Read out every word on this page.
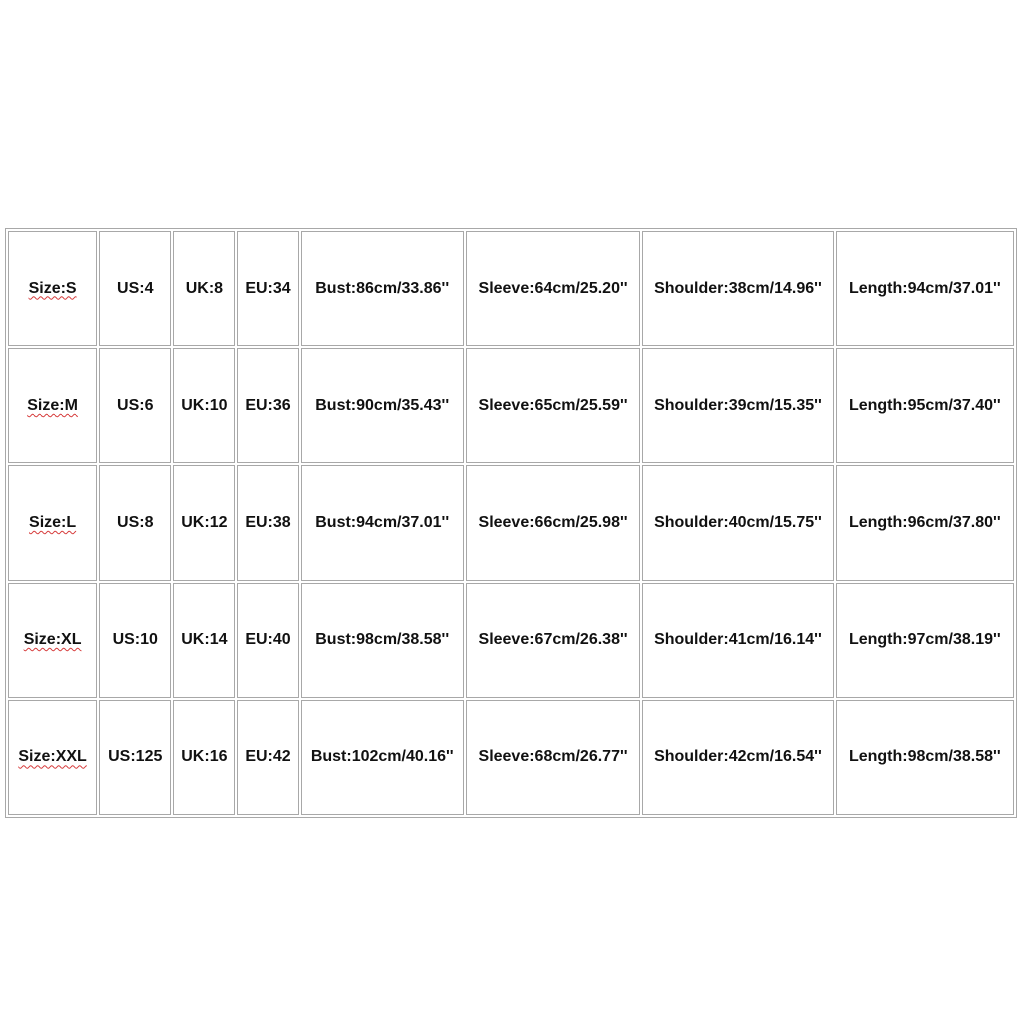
Size:S	US:4	UK:8	EU:34	Bust:86cm/33.86''	Sleeve:64cm/25.20''	Shoulder:38cm/14.96''	Length:94cm/37.01''
Size:M	US:6	UK:10	EU:36	Bust:90cm/35.43''	Sleeve:65cm/25.59''	Shoulder:39cm/15.35''	Length:95cm/37.40''
Size:L	US:8	UK:12	EU:38	Bust:94cm/37.01''	Sleeve:66cm/25.98''	Shoulder:40cm/15.75''	Length:96cm/37.80''
Size:XL	US:10	UK:14	EU:40	Bust:98cm/38.58''	Sleeve:67cm/26.38''	Shoulder:41cm/16.14''	Length:97cm/38.19''
Size:XXL	US:125	UK:16	EU:42	Bust:102cm/40.16''	Sleeve:68cm/26.77''	Shoulder:42cm/16.54''	Length:98cm/38.58''
